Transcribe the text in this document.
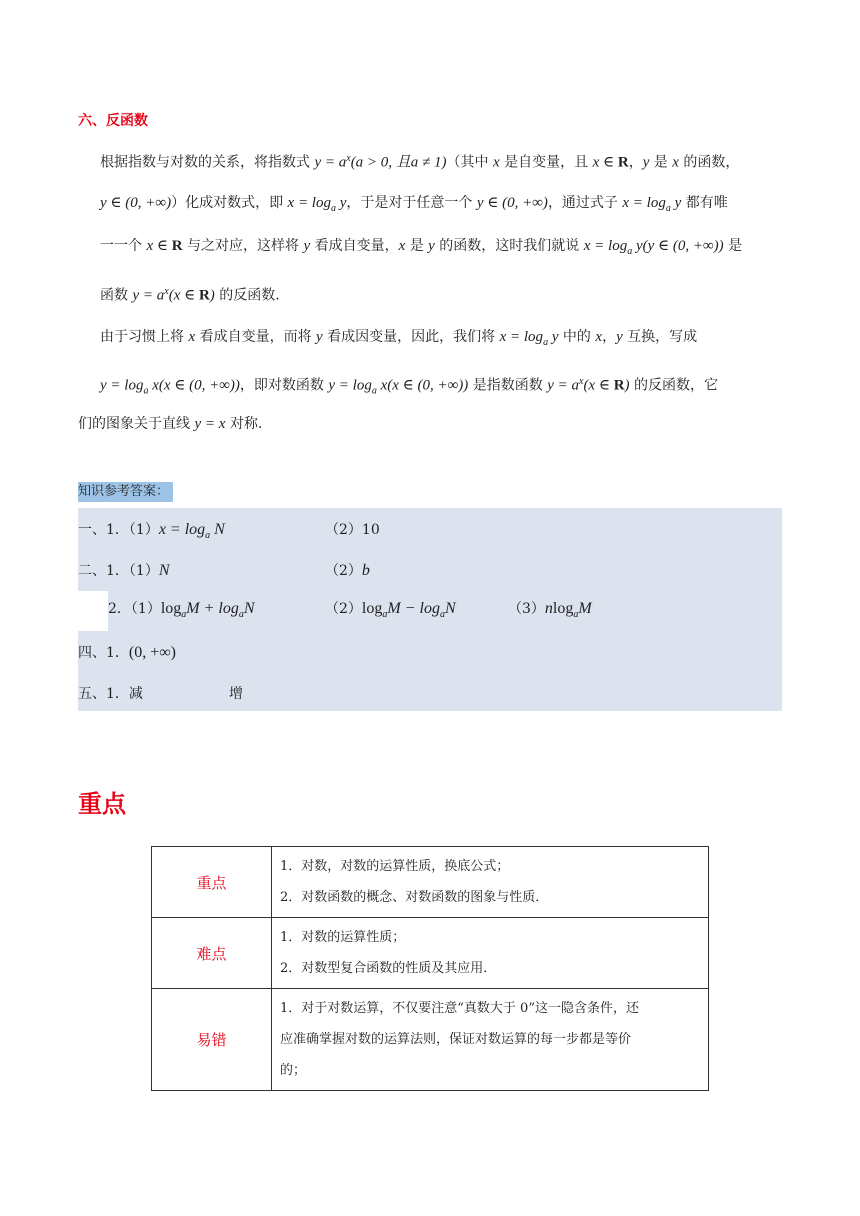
六、反函数
根据指数与对数的关系，将指数式 $y = a^x(a > 0$, 且a ≠ 1)（其中 x 是自变量，且 x ∈ R，y 是 x 的函数，
y ∈ (0, +∞)）化成对数式，即 $x = \log_a y$，于是对于任意一个 y ∈ (0, +∞)，通过式子 $x = \log_a y$ 都有唯
一一个 x ∈ R 与之对应，这样将 y 看成自变量，x 是 y 的函数，这时我们就说 $x = \log_a y(y$ ∈ (0, +∞)) 是
函数 $y = a^x(x$ ∈ R) 的反函数.
由于习惯上将 x 看成自变量，而将 y 看成因变量，因此，我们将 $x = \log_a y$ 中的 x，y 互换，写成
$y = \log_a x(x$ ∈ (0, +∞))，即对数函数 $y = \log_a x(x$ ∈ (0, +∞)) 是指数函数 $y = a^x(x$ ∈ R) 的反函数，它
们的图象关于直线 y = x 对称.
知识参考答案：
一、1．$(1)x = \log_a N$	（2）10
二、1．（1）N	（2）b
2．$(1)\log_aM + \log_aN$	$(2)\log_aM - \log_aN$	（3）nlog$_a$M
四、1．(0, +∞)
五、1．减	增
重点
重点	1．对数，对数的运算性质，换底公式；
2．对数函数的概念、对数函数的图象与性质．

难点	1．对数的运算性质；
2．对数型复合函数的性质及其应用．

易错	1．对于对数运算，不仅要注意“真数大于 0”这一隐含条件，还
应准确掌握对数的运算法则，保证对数运算的每一步都是等价
的；
